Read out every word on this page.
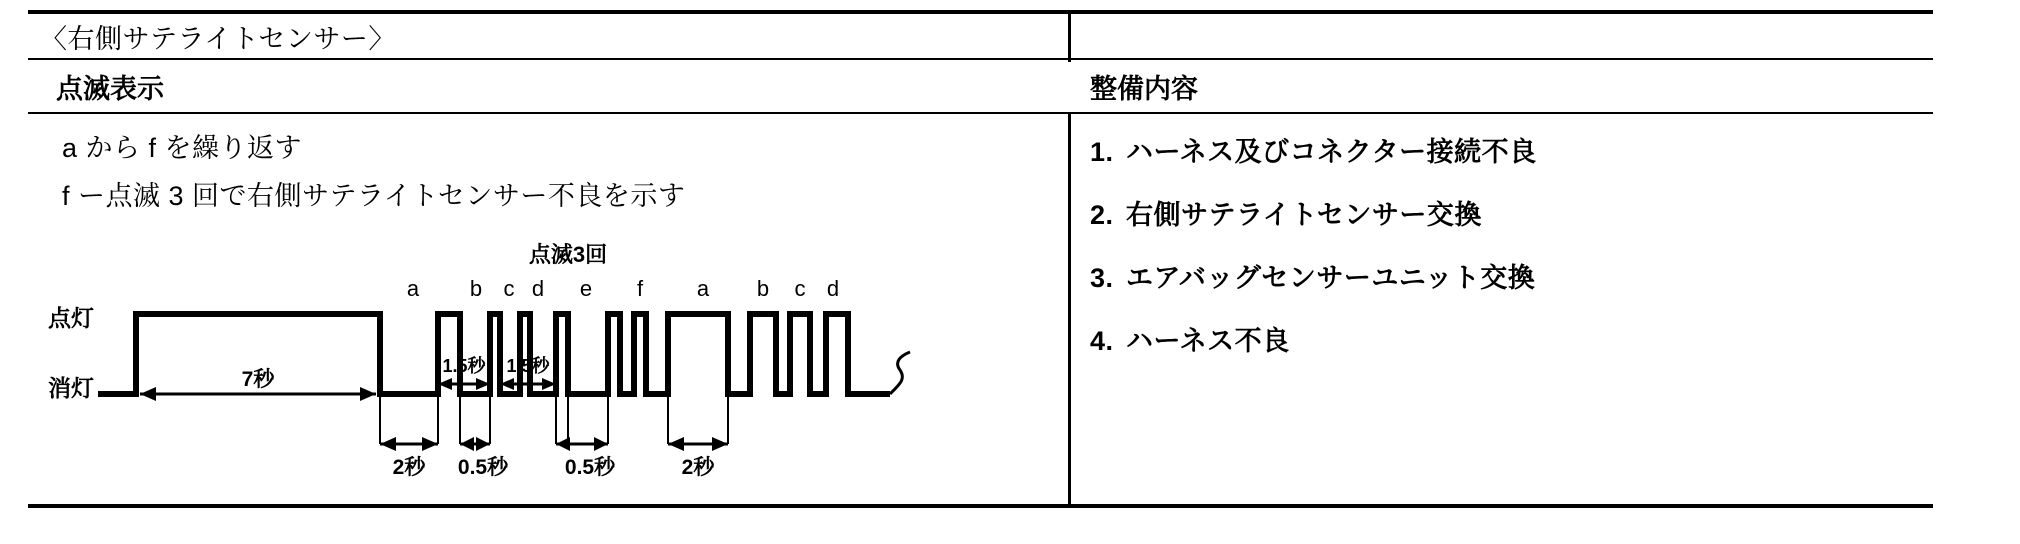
〈右側サテライトセンサー〉
点滅表示	整備内容
a から f を繰り返す
f ー点滅 3 回で右側サテライトセンサー不良を示す
点滅3回
点灯
消灯
a b c d e f a b c d
7秒
1.5秒 1.5秒
2秒 0.5秒	0.5秒	2秒
1. ハーネス及びコネクター接続不良
2. 右側サテライトセンサー交換
3. エアバッグセンサーユニット交換
4. ハーネス不良
